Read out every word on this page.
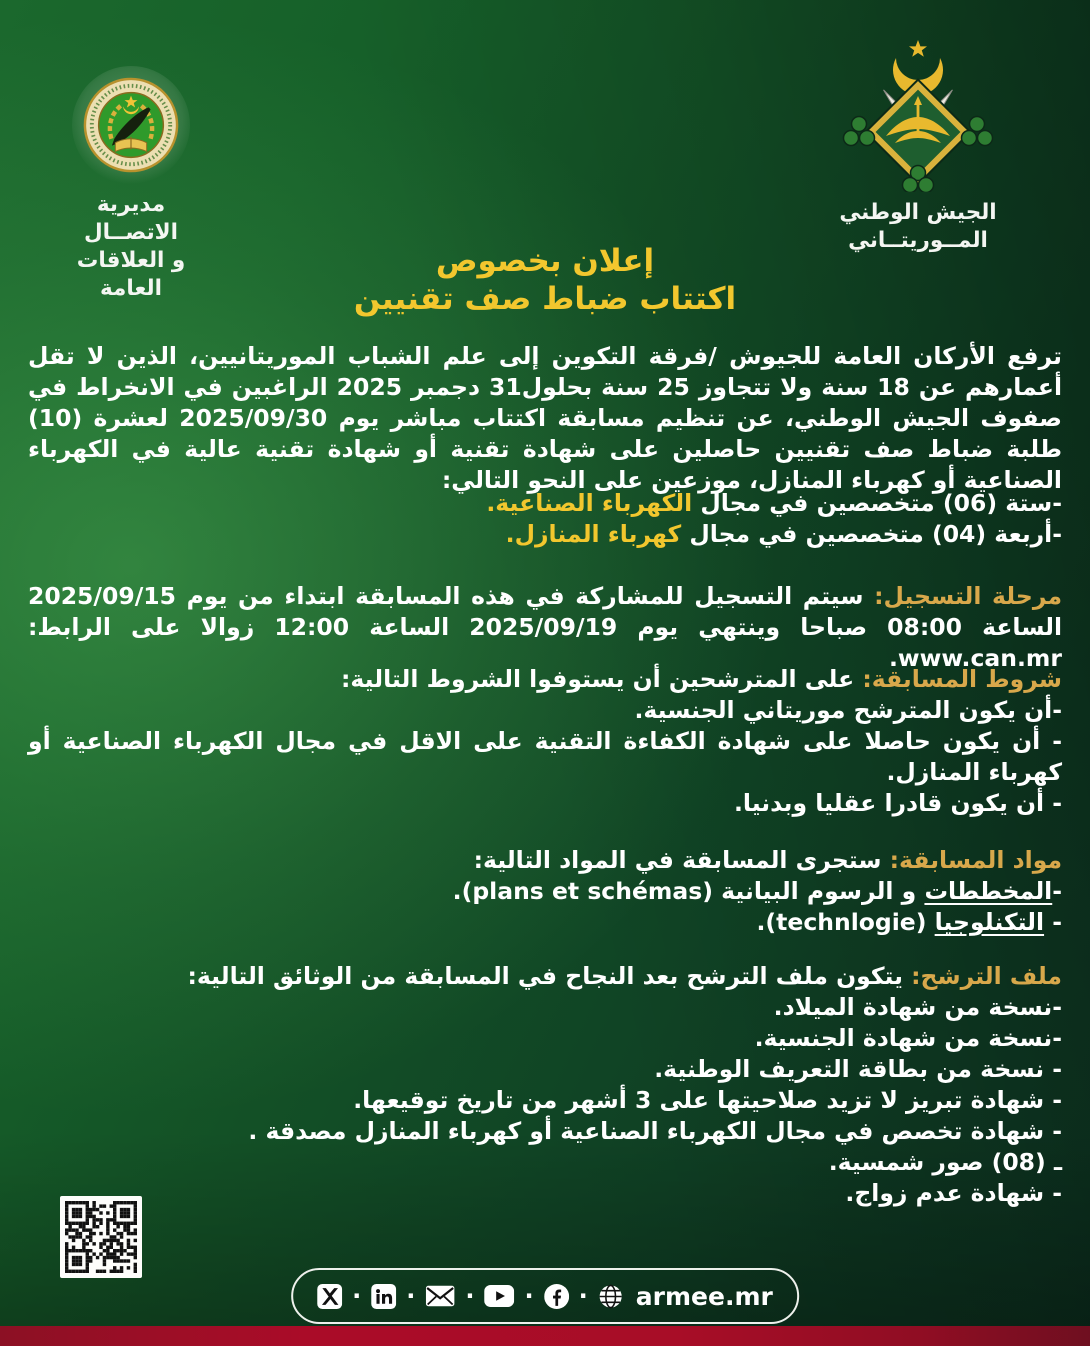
مديرية الاتصــال
و العلاقات العامة
الجيش الوطني
المــوريتــاني
إعلان بخصوص
اكتتاب ضباط صف تقنيين

ترفع الأركان العامة للجيوش /فرقة التكوين إلى علم الشباب الموريتانيين، الذين لا تقل أعمارهم عن 18 سنة ولا تتجاوز 25 سنة بحلول31 دجمبر 2025 الراغبين في الانخراط في صفوف الجيش الوطني، عن تنظيم مسابقة اكتتاب مباشر يوم 2025/09/30 لعشرة (10) طلبة ضباط صف تقنيين حاصلين على شهادة تقنية أو شهادة تقنية عالية في الكهرباء الصناعية أو كهرباء المنازل، موزعين على النحو التالي:

-ستة (06) متخصصين في مجال الكهرباء الصناعية.

-أربعة (04) متخصصين في مجال كهرباء المنازل.

مرحلة التسجيل: سيتم التسجيل للمشاركة في هذه المسابقة ابتداء من يوم 2025/09/15 الساعة 08:00 صباحا وينتهي يوم 2025/09/19 الساعة 12:00 زوالا على الرابط: www.can.mr.

شروط المسابقة: على المترشحين أن يستوفوا الشروط التالية:

-أن يكون المترشح موريتاني الجنسية.

- أن يكون حاصلا على شهادة الكفاءة التقنية على الاقل في مجال الكهرباء الصناعية أو كهرباء المنازل.

- أن يكون قادرا عقليا وبدنيا.

مواد المسابقة: ستجرى المسابقة في المواد التالية:

-المخططات و الرسوم البيانية (plans et schémas).

- التكنلوجيا (technlogie).

ملف الترشح: يتكون ملف الترشح بعد النجاح في المسابقة من الوثائق التالية:

-نسخة من شهادة الميلاد.

-نسخة من شهادة الجنسية.

- نسخة من بطاقة التعريف الوطنية.

- شهادة تبريز لا تزيد صلاحيتها على 3 أشهر من تاريخ توقيعها.

- شهادة تخصص في مجال الكهرباء الصناعية أو كهرباء المنازل مصدقة .

ـ (08) صور شمسية.

- شهادة عدم زواج.

· · · · · armee.mr
